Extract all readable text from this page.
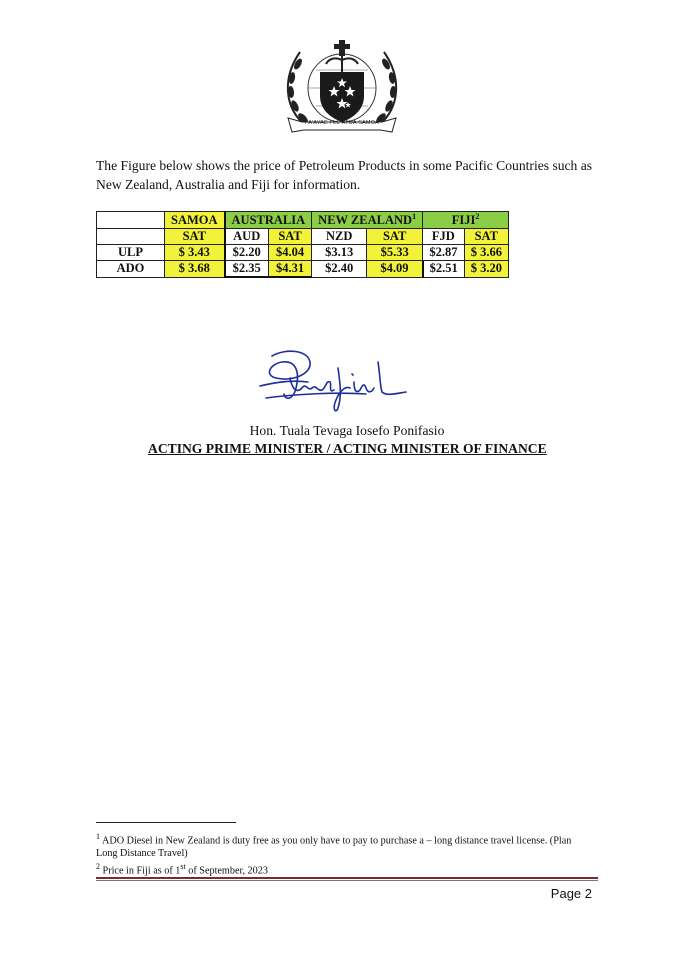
FA'AVAE I LE ATUA SAMOA

The Figure below shows the price of Petroleum Products in some Pacific Countries such as New Zealand, Australia and Fiji for information.

	SAMOA	AUSTRALIA		NEW ZEALAND$^1$		FIJI$^2$
	SAT	AUD	SAT	NZD	SAT	FJD	SAT
ULP	$ 3.43	$2.20	$4.04	$3.13	$5.33	$2.87	$ 3.66
ADO	$ 3.68	$2.35	$4.31	$2.40	$4.09	$2.51	$ 3.20
Hon. Tuala Tevaga Iosefo Ponifasio
ACTING PRIME MINISTER / ACTING MINISTER OF FINANCE

$^1$ ADO Diesel in New Zealand is duty free as you only have to pay to purchase a – long distance travel license. (Plan Long Distance Travel)

$^2$ Price in Fiji as of 1st of September, 2023

Page 2
